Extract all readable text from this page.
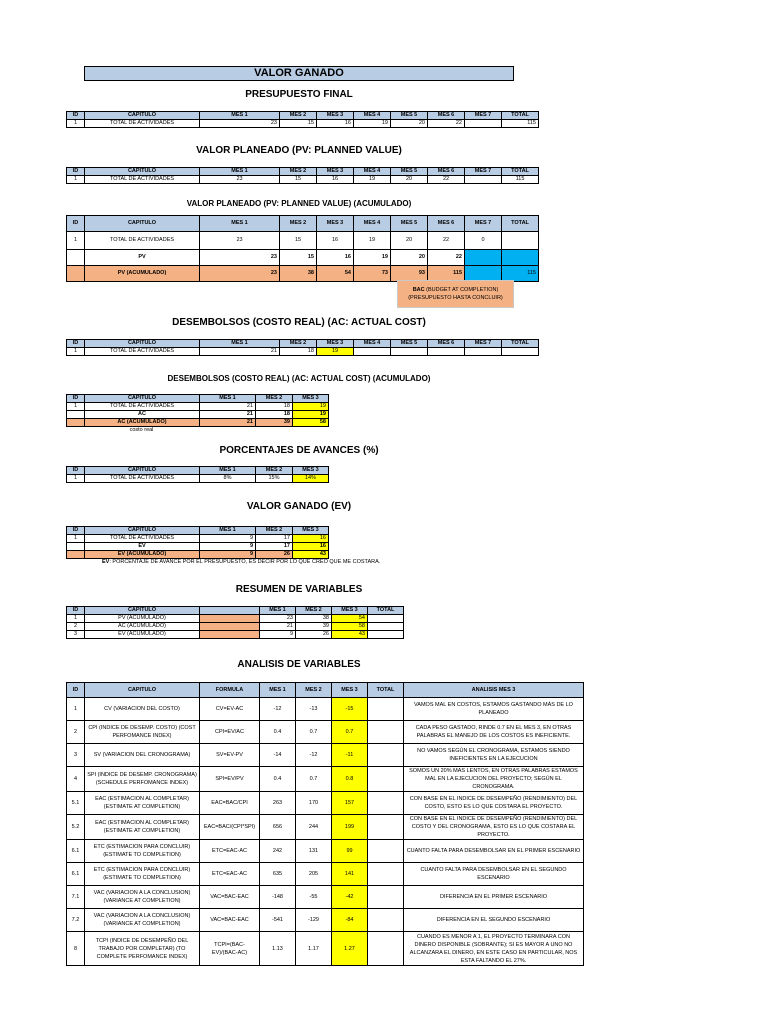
VALOR GANADO
PRESUPUESTO FINAL
ID	CAPITULO	MES 1	MES 2	MES 3	MES 4	MES 5	MES 6	MES 7	TOTAL
1	TOTAL DE ACTIVIDADES	23	15	16	19	20	22		115
VALOR PLANEADO (PV: PLANNED VALUE)
ID	CAPITULO	MES 1	MES 2	MES 3	MES 4	MES 5	MES 6	MES 7	TOTAL
1	TOTAL DE ACTIVIDADES	23	15	16	19	20	22		115
VALOR PLANEADO (PV: PLANNED VALUE) (ACUMULADO)
ID	CAPITULO	MES 1	MES 2	MES 3	MES 4	MES 5	MES 6	MES 7	TOTAL
1	TOTAL DE ACTIVIDADES	23	15	16	19	20	22	0	
	PV	23	15	16	19	20	22		
	PV (ACUMULADO)	23	38	54	73	93	115		115
BAC (BUDGET AT COMPLETION)
(PRESUPUESTO HASTA CONCLUIR)
DESEMBOLSOS (COSTO REAL) (AC: ACTUAL COST)
ID	CAPITULO	MES 1	MES 2	MES 3	MES 4	MES 5	MES 6	MES 7	TOTAL
1	TOTAL DE ACTIVIDADES	21	18	19					
DESEMBOLSOS (COSTO REAL) (AC: ACTUAL COST) (ACUMULADO)
ID	CAPITULO	MES 1	MES 2	MES 3
1	TOTAL DE ACTIVIDADES	21	18	19
	AC	21	18	19
	AC (ACUMULADO)	21	39	58
costo real
PORCENTAJES DE AVANCES (%)
ID	CAPITULO	MES 1	MES 2	MES 3
1	TOTAL DE ACTIVIDADES	8%	15%	14%
VALOR GANADO (EV)
ID	CAPITULO	MES 1	MES 2	MES 3
1	TOTAL DE ACTIVIDADES	9	17	16
	EV	9	17	16
	EV (ACUMULADO)	9	26	43
EV: PORCENTAJE DE AVANCE POR EL PRESUPUESTO, ES DECIR POR LO QUE CREO QUE ME COSTARA.
RESUMEN DE VARIABLES
ID	CAPITULO		MES 1	MES 2	MES 3	TOTAL
1	PV (ACUMULADO)		23	38	54	
2	AC (ACUMULADO)		21	39	58	
3	EV (ACUMULADO)		9	26	43	
ANALISIS DE VARIABLES
ID	CAPITULO	FORMULA	MES 1	MES 2	MES 3	TOTAL	ANALISIS MES 3
1	CV (VARIACION DEL COSTO)	CV=EV-AC	-12	-13	-15		VAMOS MAL EN COSTOS, ESTAMOS GASTANDO MÁS DE LO PLANEADO
2	CPI (INDICE DE DESEMP. COSTO) (COST PERFOMANCE INDEX)	CPI=EV/AC	0.4	0.7	0.7		CADA PESO GASTADO, RINDE 0.7 EN EL MES 3, EN OTRAS PALABRAS EL MANEJO DE LOS COSTOS ES INEFICIENTE.
3	SV (VARIACION DEL CRONOGRAMA)	SV=EV-PV	-14	-12	-11		NO VAMOS SEGÚN EL CRONOGRAMA, ESTAMOS SIENDO INEFICIENTES EN LA EJECUCION
4	SPI (INDICE DE DESEMP. CRONOGRAMA) (SCHEDULE PERFOMANCE INDEX)	SPI=EV/PV	0.4	0.7	0.8		SOMOS UN 20% MAS LENTOS, EN OTRAS PALABRAS ESTAMOS MAL EN LA EJECUCION DEL PROYECTO; SEGÚN EL CRONOGRAMA.
5.1	EAC (ESTIMACION AL COMPLETAR) (ESTIMATE AT COMPLETION)	EAC=BAC/CPI	263	170	157		CON BASE EN EL INDICE DE DESEMPEÑO (RENDIMIENTO) DEL COSTO, ESTO ES LO QUE COSTARA EL PROYECTO.
5.2	EAC (ESTIMACION AL COMPLETAR) (ESTIMATE AT COMPLETION)	EAC=BAC/(CPI*SPI)	656	244	199		CON BASE EN EL INDICE DE DESEMPEÑO (RENDIMIENTO) DEL COSTO Y DEL CRONOGRAMA, ESTO ES LO QUE COSTARA EL PROYECTO.
6.1	ETC (ESTIMACION PARA CONCLUIR) (ESTIMATE TO COMPLETION)	ETC=EAC-AC	242	131	99		CUANTO FALTA PARA DESEMBOLSAR EN EL PRIMER ESCENARIO
6.1	ETC (ESTIMACION PARA CONCLUIR) (ESTIMATE TO COMPLETION)	ETC=EAC-AC	635	205	141		CUANTO FALTA PARA DESEMBOLSAR EN EL SEGUNDO ESCENARIO
7.1	VAC (VARIACION A LA CONCLUSION) (VARIANCE AT COMPLETION)	VAC=BAC-EAC	-148	-55	-42		DIFERENCIA EN EL PRIMER ESCENARIO
7.2	VAC (VARIACION A LA CONCLUSION) (VARIANCE AT COMPLETION)	VAC=BAC-EAC	-541	-129	-84		DIFERENCIA EN EL SEGUNDO ESCENARIO
8	TCPI (INDICE DE DESEMPEÑO DEL TRABAJO POR COMPLETAR) (TO COMPLETE PERFOMANCE INDEX)	TCPI=(BAC-EV)/(BAC-AC)	1.13	1.17	1.27		CUANDO ES MENOR A 1, EL PROYECTO TERMINARA CON DINERO DISPONIBLE (SOBRANTE); SI ES MAYOR A UNO NO ALCANZARA EL DINERO, EN ESTE CASO EN PARTICULAR, NOS ESTA FALTANDO EL 27%.
